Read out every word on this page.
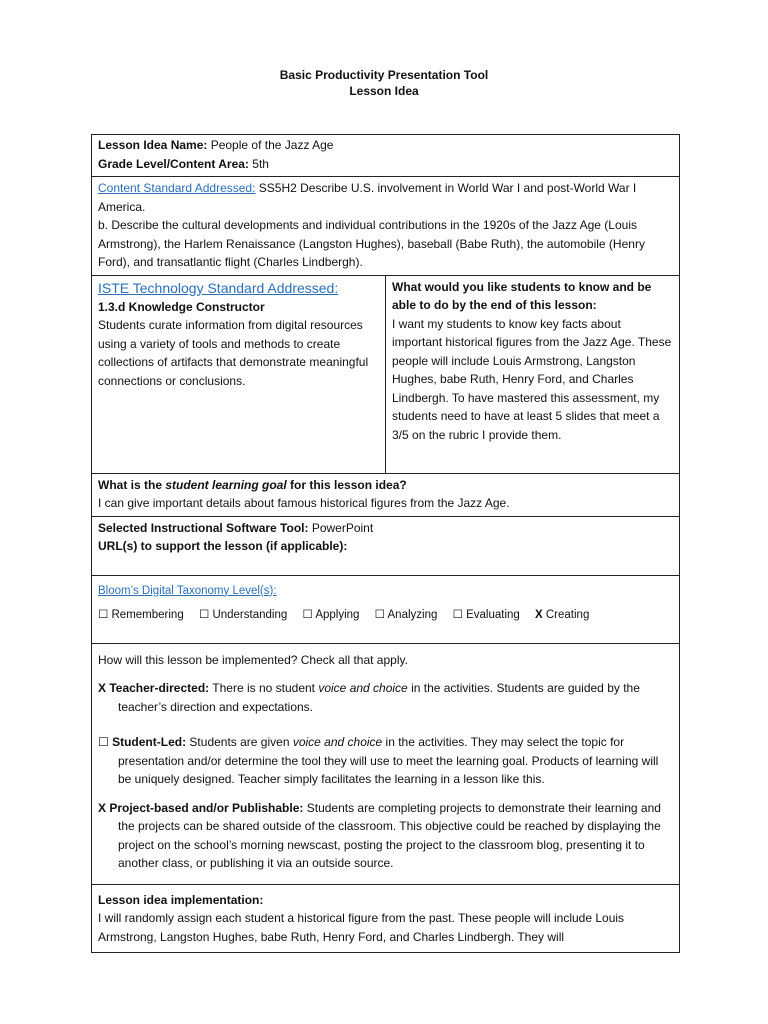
Basic Productivity Presentation Tool
Lesson Idea
Lesson Idea Name: People of the Jazz Age
Grade Level/Content Area: 5th

Content Standard Addressed: SS5H2 Describe U.S. involvement in World War I and post-World War I America.
b. Describe the cultural developments and individual contributions in the 1920s of the Jazz Age (Louis Armstrong), the Harlem Renaissance (Langston Hughes), baseball (Babe Ruth), the automobile (Henry Ford), and transatlantic flight (Charles Lindbergh).

ISTE Technology Standard Addressed:
1.3.d Knowledge Constructor
Students curate information from digital resources using a variety of tools and methods to create collections of artifacts that demonstrate meaningful connections or conclusions.

What would you like students to know and be able to do by the end of this lesson:
I want my students to know key facts about important historical figures from the Jazz Age. These people will include Louis Armstrong, Langston Hughes, babe Ruth, Henry Ford, and Charles Lindbergh. To have mastered this assessment, my students need to have at least 5 slides that meet a 3/5 on the rubric I provide them.

What is the student learning goal for this lesson idea?
I can give important details about famous historical figures from the Jazz Age.

Selected Instructional Software Tool: PowerPoint
URL(s) to support the lesson (if applicable):

Bloom’s Digital Taxonomy Level(s):
☐ Remembering ☐ Understanding ☐ Applying ☐ Analyzing ☐ Evaluating X Creating

How will this lesson be implemented? Check all that apply.
X Teacher-directed: There is no student voice and choice in the activities. Students are guided by the teacher’s direction and expectations.
☐ Student-Led: Students are given voice and choice in the activities. They may select the topic for presentation and/or determine the tool they will use to meet the learning goal. Products of learning will be uniquely designed. Teacher simply facilitates the learning in a lesson like this.
X Project-based and/or Publishable: Students are completing projects to demonstrate their learning and the projects can be shared outside of the classroom. This objective could be reached by displaying the project on the school’s morning newscast, posting the project to the classroom blog, presenting it to another class, or publishing it via an outside source.

Lesson idea implementation:
I will randomly assign each student a historical figure from the past. These people will include Louis Armstrong, Langston Hughes, babe Ruth, Henry Ford, and Charles Lindbergh. They will
